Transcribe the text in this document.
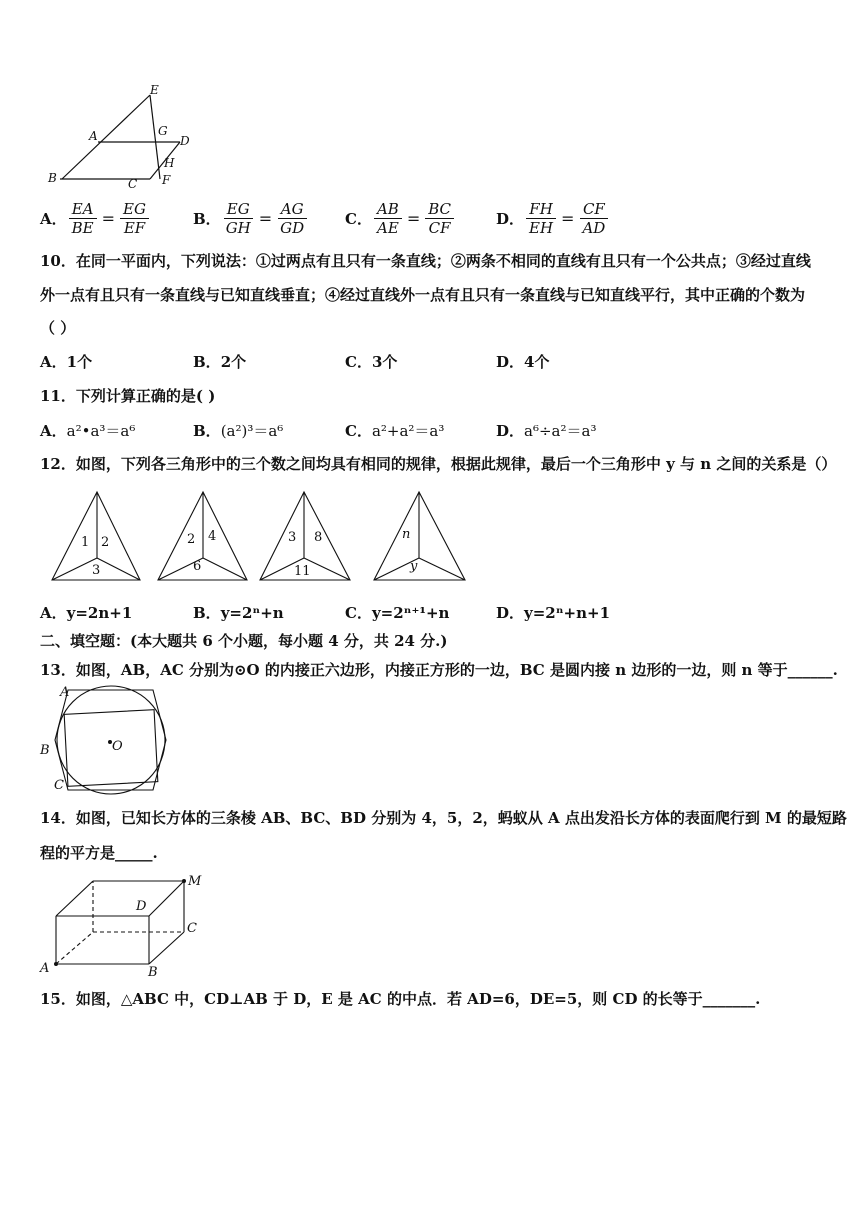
E
A	G
D
H
B	C F
A． $\frac{EA}{BE} = \frac{EG}{EF}$	B． $\frac{EG}{GH} = \frac{AG}{GD}$	C． $\frac{AB}{AE} = \frac{BC}{CF}$	D． $\frac{FH}{EH} = \frac{CF}{AD}$
10．在同一平面内，下列说法：①过两点有且只有一条直线；②两条不相同的直线有且只有一个公共点；③经过直线
外一点有且只有一条直线与已知直线垂直；④经过直线外一点有且只有一条直线与已知直线平行，其中正确的个数为
（ ）
A．1个	B．2个	C．3个	D．4个
11．下列计算正确的是( )
A．a²•a³＝a⁶	B．(a²)³＝a⁶	C．a²+a²＝a³	D．a⁶÷a²＝a³
12．如图，下列各三角形中的三个数之间均具有相同的规律，根据此规律，最后一个三角形中 y 与 n 之间的关系是（）
1 2
3
2 4
6
3 8
11
n
y
A．y=2n+1	B．y=2ⁿ+n	C．y=2ⁿ⁺¹+n	D．y=2ⁿ+n+1
二、填空题：(本大题共 6 个小题，每小题 4 分，共 24 分.)
13．如图，AB，AC 分别为⊙O 的内接正六边形，内接正方形的一边，BC 是圆内接 n 边形的一边，则 n 等于______.
A
B	O
C
14．如图，已知长方体的三条棱 AB、BC、BD 分别为 4，5，2，蚂蚁从 A 点出发沿长方体的表面爬行到 M 的最短路
程的平方是_____.
M
D
C
A	B
15．如图，△ABC 中，CD⊥AB 于 D，E 是 AC 的中点．若 AD=6，DE=5，则 CD 的长等于_______.
